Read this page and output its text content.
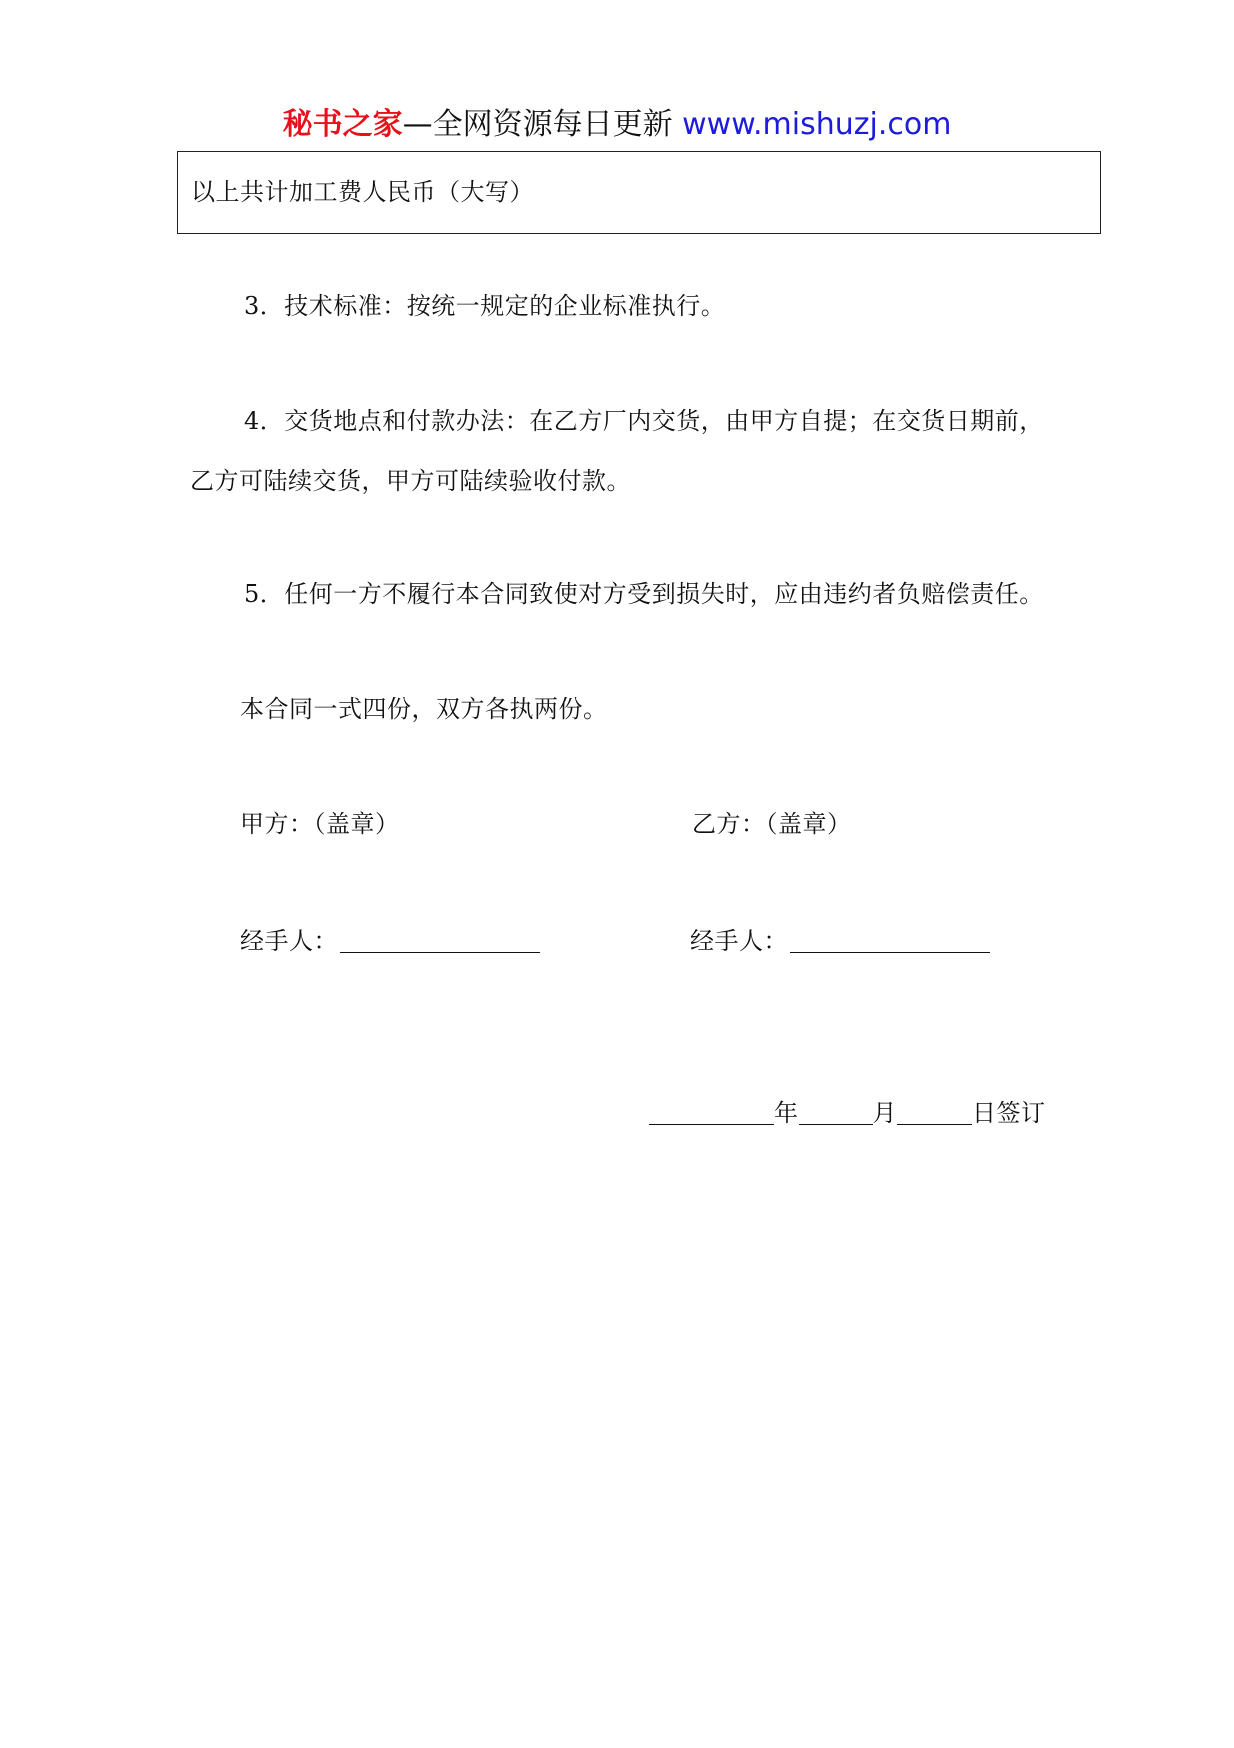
秘书之家—全网资源每日更新 www.mishuzj.com
以上共计加工费人民币（大写）
3．技术标准：按统一规定的企业标准执行。
4．交货地点和付款办法：在乙方厂内交货，由甲方自提；在交货日期前，
乙方可陆续交货，甲方可陆续验收付款。
5．任何一方不履行本合同致使对方受到损失时，应由违约者负赔偿责任。
本合同一式四份，双方各执两份。
甲方：（盖章）	乙方：（盖章）
经手人：	经手人：
年	月	日签订
